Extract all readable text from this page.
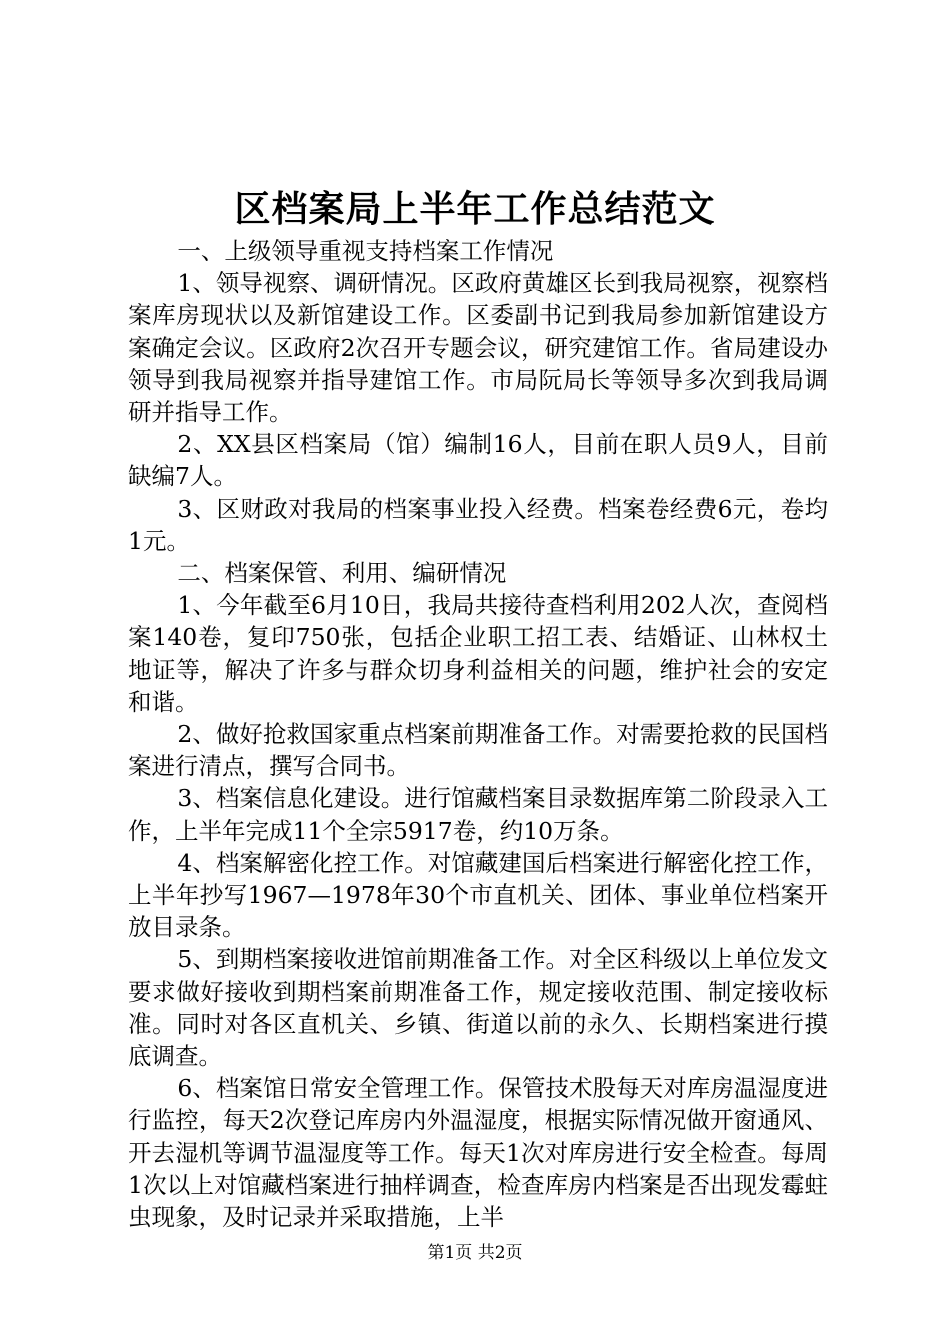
区档案局上半年工作总结范文

一、上级领导重视支持档案工作情况

1、领导视察、调研情况。区政府黄雄区长到我局视察，视察档案库房现状以及新馆建设工作。区委副书记到我局参加新馆建设方案确定会议。区政府2次召开专题会议，研究建馆工作。省局建设办领导到我局视察并指导建馆工作。市局阮局长等领导多次到我局调研并指导工作。

2、XX县区档案局（馆）编制16人，目前在职人员9人，目前缺编7人。

3、区财政对我局的档案事业投入经费。档案卷经费6元，卷均1元。

二、档案保管、利用、编研情况

1、今年截至6月10日，我局共接待查档利用202人次，查阅档案140卷，复印750张，包括企业职工招工表、结婚证、山林权土地证等，解决了许多与群众切身利益相关的问题，维护社会的安定和谐。

2、做好抢救国家重点档案前期准备工作。对需要抢救的民国档案进行清点，撰写合同书。

3、档案信息化建设。进行馆藏档案目录数据库第二阶段录入工作，上半年完成11个全宗5917卷，约10万条。

4、档案解密化控工作。对馆藏建国后档案进行解密化控工作，上半年抄写1967—1978年30个市直机关、团体、事业单位档案开放目录条。

5、到期档案接收进馆前期准备工作。对全区科级以上单位发文要求做好接收到期档案前期准备工作，规定接收范围、制定接收标准。同时对各区直机关、乡镇、街道以前的永久、长期档案进行摸底调查。

6、档案馆日常安全管理工作。保管技术股每天对库房温湿度进行监控，每天2次登记库房内外温湿度，根据实际情况做开窗通风、开去湿机等调节温湿度等工作。每天1次对库房进行安全检查。每周1次以上对馆藏档案进行抽样调查，检查库房内档案是否出现发霉蛀虫现象，及时记录并采取措施，上半

第1页 共2页
